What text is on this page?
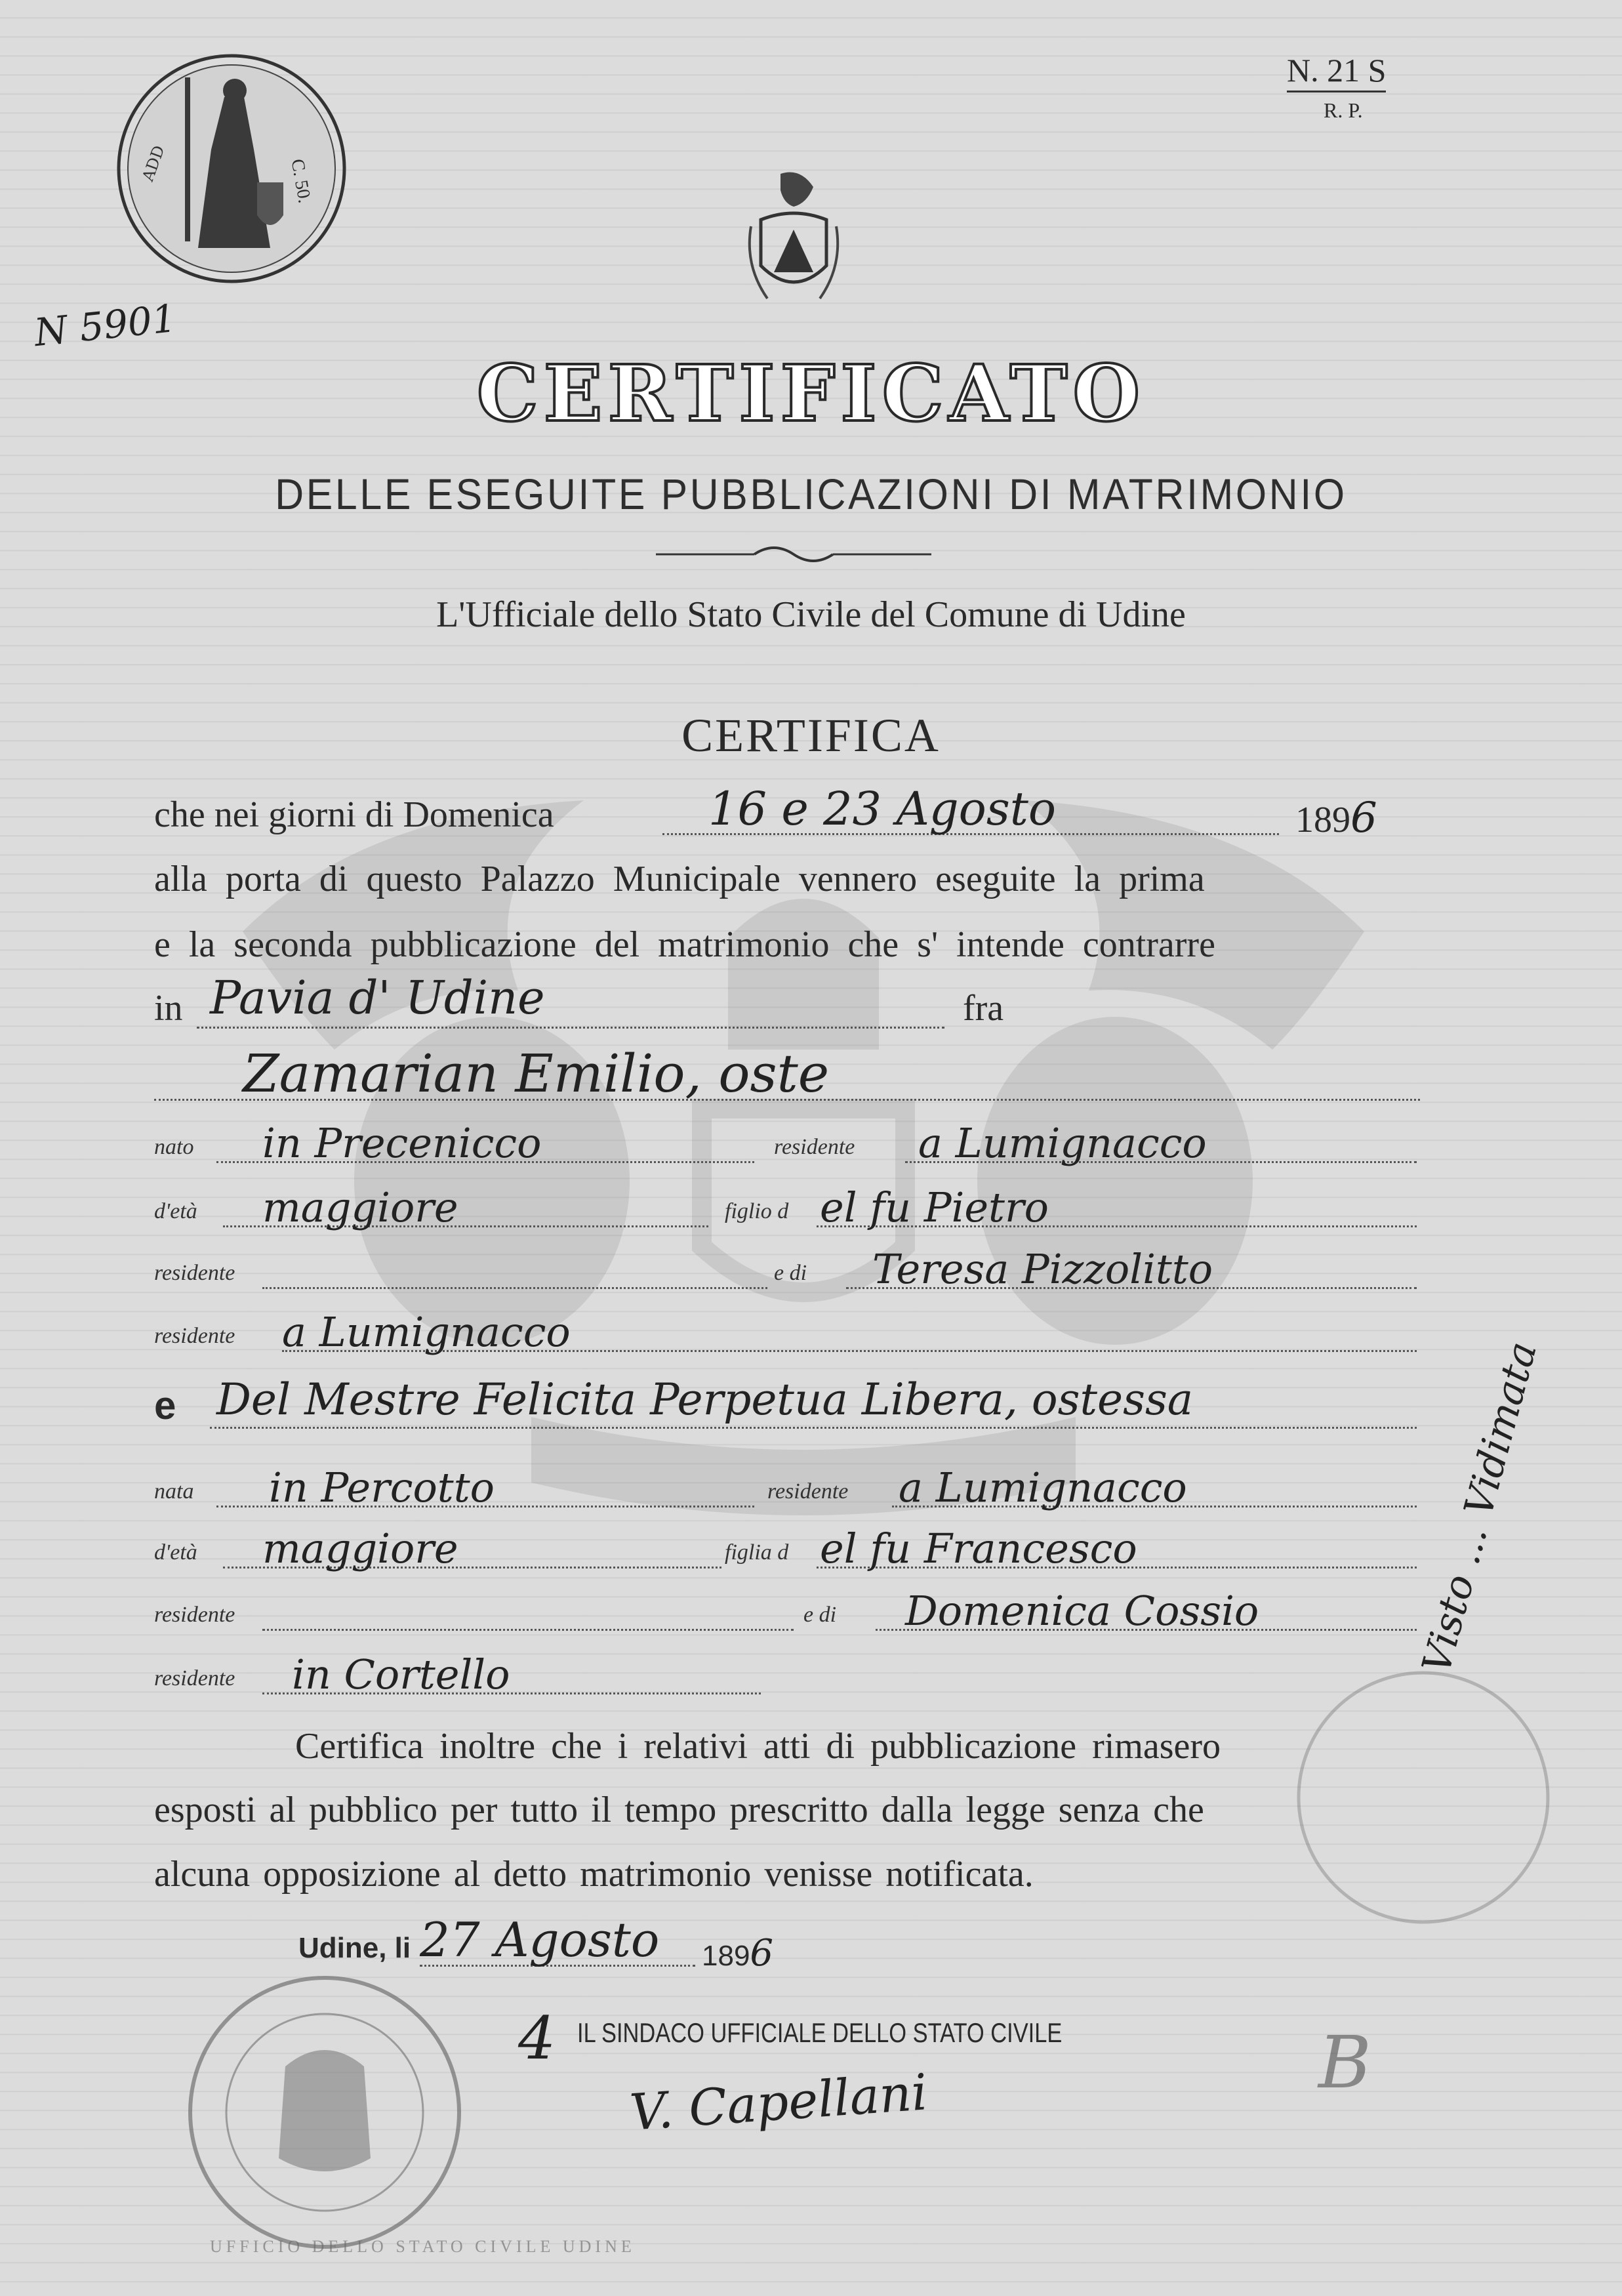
ADD	C. 50.
N. 21 S
R. P.
N 5901
CERTIFICATO
DELLE ESEGUITE PUBBLICAZIONI DI MATRIMONIO
L'Ufficiale dello Stato Civile del Comune di Udine
CERTIFICA
che nei giorni di Domenica	16 e 23 Agosto	1896
alla porta di questo Palazzo Municipale vennero eseguite la prima
e la seconda pubblicazione del matrimonio che s' intende contrarre
in Pavia d' Udine	fra
Zamarian Emilio, oste
nato in Precenicco	residente a Lumignacco
d'età maggiore	figlio d el fu Pietro
residente	e di Teresa Pizzolitto
residente a Lumignacco
e Del Mestre Felicita Perpetua Libera, ostessa
nata in Percotto	residente a Lumignacco
d'età maggiore	figlia d el fu Francesco
residente	e di Domenica Cossio
residente in Cortello
Certifica inoltre che i relativi atti di pubblicazione rimasero
esposti al pubblico per tutto il tempo prescritto dalla legge senza che
alcuna opposizione al detto matrimonio venisse notificata.
Udine, li 27 Agosto 1896
4 IL SINDACO UFFICIALE DELLO STATO CIVILE
V. Capellani	B
UFFICIO DELLO STATO CIVILE UDINE
Visto ... Vidimata
